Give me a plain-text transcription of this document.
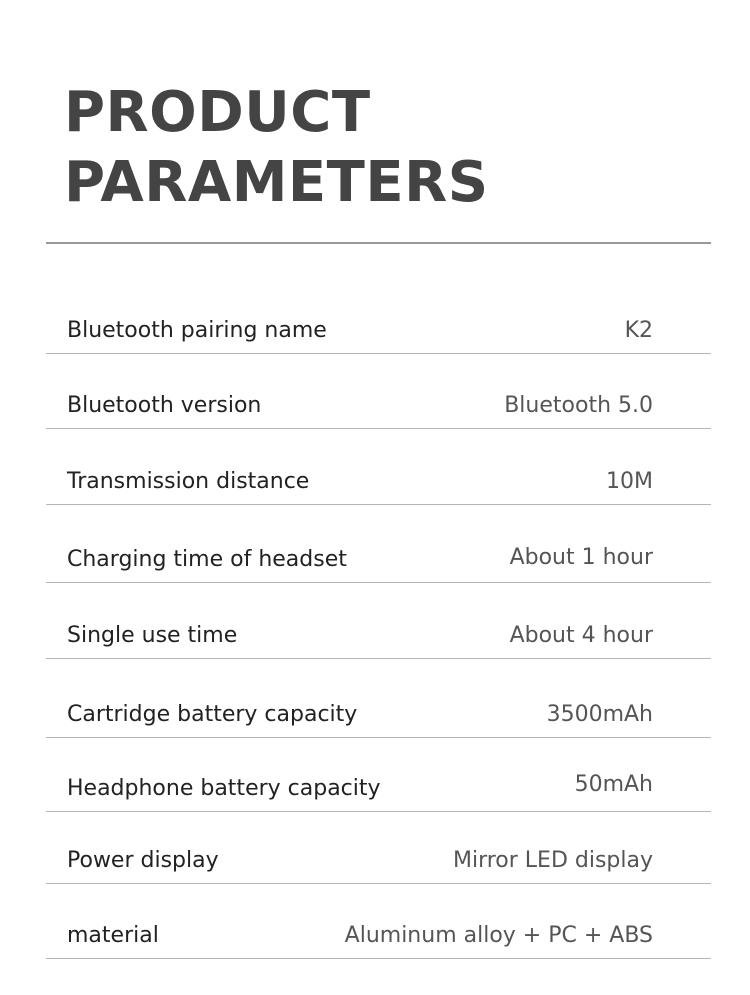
PRODUCT
PARAMETERS
Bluetooth pairing name	K2
Bluetooth version	Bluetooth 5.0
Transmission distance	10M
Charging time of headset	About 1 hour
Single use time	About 4 hour
Cartridge battery capacity	3500mAh
Headphone battery capacity	50mAh
Power display	Mirror LED display
material	Aluminum alloy + PC + ABS
